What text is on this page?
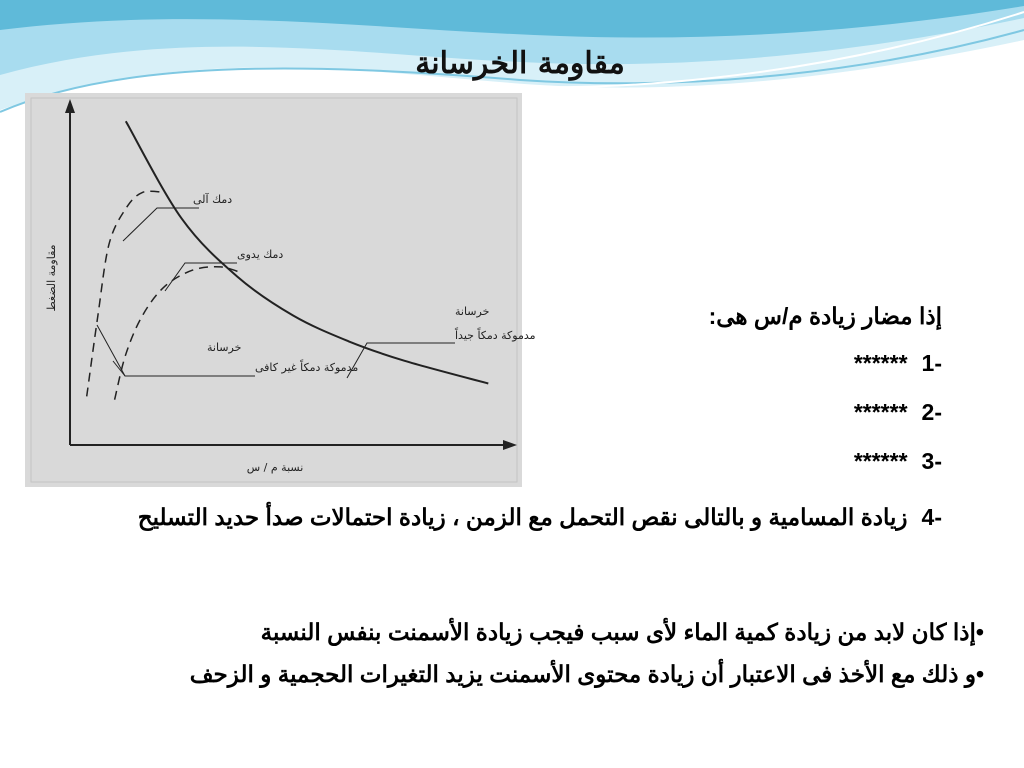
مقاومة الخرسانة
مقاومة الضغط
نسبة م / س
دمك آلى
دمك يدوى
خرسانة
مدموكة دمكاً غير كافى
خرسانة
مدموكة دمكاً جيداً
إذا مضار زيادة م/س هى:
-1******
-2******
-3******
-4زيادة المسامية و بالتالى نقص التحمل مع الزمن ، زيادة احتمالات صدأ حديد التسليح
•إذا كان لابد من زيادة كمية الماء لأى سبب فيجب زيادة الأسمنت بنفس النسبة
•و ذلك مع الأخذ فى الاعتبار أن زيادة محتوى الأسمنت يزيد التغيرات الحجمية و الزحف
